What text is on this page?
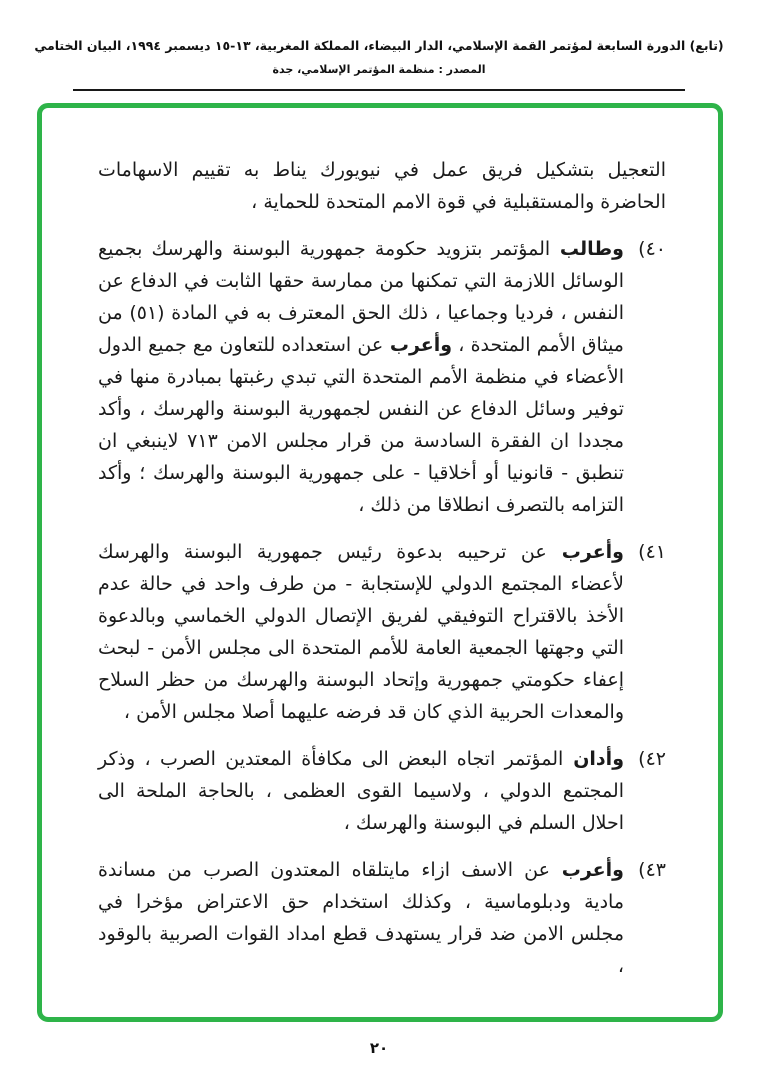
(تابع) الدورة السابعة لمؤتمر القمة الإسلامي، الدار البيضاء، المملكة المغربية، ١٣-١٥ ديسمبر ١٩٩٤، البيان الختامي
المصدر : منظمة المؤتمر الإسلامي، جدة

التعجيل بتشكيل فريق عمل في نيويورك يناط به تقييم الاسهامات الحاضرة والمستقبلية في قوة الامم المتحدة للحماية ،

٤٠)

وطالب المؤتمر بتزويد حكومة جمهورية البوسنة والهرسك بجميع الوسائل اللازمة التي تمكنها من ممارسة حقها الثابت في الدفاع عن النفس ، فرديا وجماعيا ، ذلك الحق المعترف به في المادة (٥١) من ميثاق الأمم المتحدة ، وأعرب عن استعداده للتعاون مع جميع الدول الأعضاء في منظمة الأمم المتحدة التي تبدي رغبتها بمبادرة منها في توفير وسائل الدفاع عن النفس لجمهورية البوسنة والهرسك ، وأكد مجددا ان الفقرة السادسة من قرار مجلس الامن ٧١٣ لاينبغي ان تنطبق - قانونيا أو أخلاقيا - على جمهورية البوسنة والهرسك ؛ وأكد التزامه بالتصرف انطلاقا من ذلك ،

٤١)

وأعرب عن ترحيبه بدعوة رئيس جمهورية البوسنة والهرسك لأعضاء المجتمع الدولي للإستجابة - من طرف واحد في حالة عدم الأخذ بالاقتراح التوفيقي لفريق الإتصال الدولي الخماسي وبالدعوة التي وجهتها الجمعية العامة للأمم المتحدة الى مجلس الأمن - لبحث إعفاء حكومتي جمهورية وإتحاد البوسنة والهرسك من حظر السلاح والمعدات الحربية الذي كان قد فرضه عليهما أصلا مجلس الأمن ،

٤٢)

وأدان المؤتمر اتجاه البعض الى مكافأة المعتدين الصرب ، وذكر المجتمع الدولي ، ولاسيما القوى العظمى ، بالحاجة الملحة الى احلال السلم في البوسنة والهرسك ،

٤٣)

وأعرب عن الاسف ازاء مايتلقاه المعتدون الصرب من مساندة مادية ودبلوماسية ، وكذلك استخدام حق الاعتراض مؤخرا في مجلس الامن ضد قرار يستهدف قطع امداد القوات الصربية بالوقود ،

٢٠
